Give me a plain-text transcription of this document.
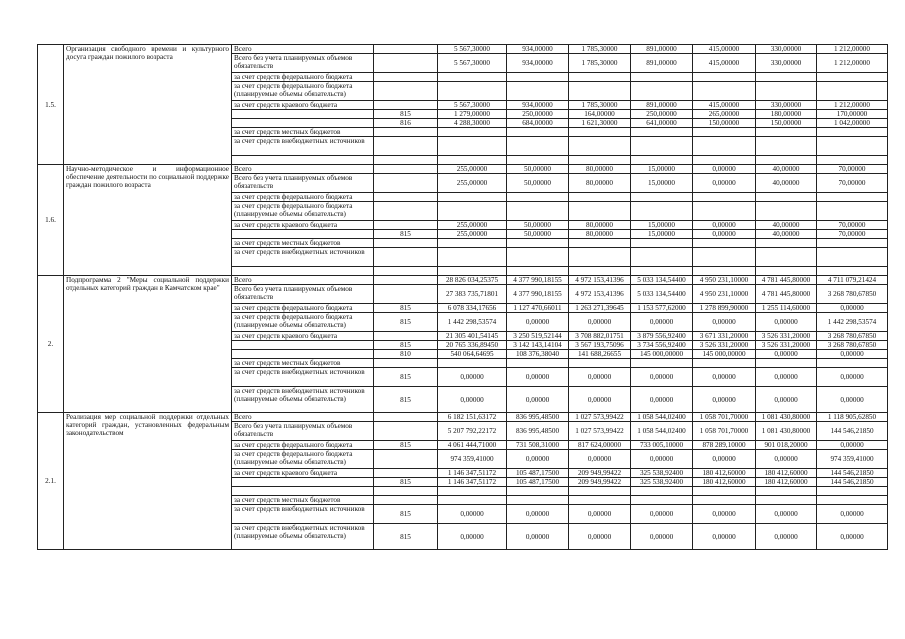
1.5.	Организация свободного времени и культурного досуга граждан пожилого возраста	Всего		5 567,30000	934,00000	1 785,30000	891,00000	415,00000	330,00000	1 212,00000
		Всего без учета планируемых объемов обязательств		5 567,30000	934,00000	1 785,30000	891,00000	415,00000	330,00000	1 212,00000
		за счет средств федерального бюджета								
		за счет средств федерального бюджета (планируемые объемы обязательств)								
		за счет средств краевого бюджета		5 567,30000	934,00000	1 785,30000	891,00000	415,00000	330,00000	1 212,00000
			815	1 279,00000	250,00000	164,00000	250,00000	265,00000	180,00000	170,00000
			816	4 288,30000	684,00000	1 621,30000	641,00000	150,00000	150,00000	1 042,00000
		за счет средств местных бюджетов								
		за счет средств внебюджетных источников								

1.6.	Научно-методическое и информационное обеспечение деятельности по социальной поддержке граждан пожилого возраста	Всего		255,00000	50,00000	80,00000	15,00000	0,00000	40,00000	70,00000
		Всего без учета планируемых объемов обязательств		255,00000	50,00000	80,00000	15,00000	0,00000	40,00000	70,00000
		за счет средств федерального бюджета								
		за счет средств федерального бюджета (планируемые объемы обязательств)								
		за счет средств краевого бюджета		255,00000	50,00000	80,00000	15,00000	0,00000	40,00000	70,00000
			815	255,00000	50,00000	80,00000	15,00000	0,00000	40,00000	70,00000
		за счет средств местных бюджетов								
		за счет средств внебюджетных источников								

2.	Подпрограмма 2 "Меры социальной поддержки отдельных категорий граждан в Камчатском крае"	Всего		28 826 034,25375	4 377 990,18155	4 972 153,41396	5 033 134,54400	4 950 231,10000	4 781 445,80000	4 711 079,21424
		Всего без учета планируемых объемов обязательств		27 383 735,71801	4 377 990,18155	4 972 153,41396	5 033 134,54400	4 950 231,10000	4 781 445,80000	3 268 780,67850
		за счет средств федерального бюджета	815	6 078 334,17656	1 127 470,66011	1 263 271,39645	1 153 577,62000	1 278 899,90000	1 255 114,60000	0,00000
		за счет средств федерального бюджета (планируемые объемы обязательств)	815	1 442 298,53574	0,00000	0,00000	0,00000	0,00000	0,00000	1 442 298,53574
		за счет средств краевого бюджета		21 305 401,54145	3 250 519,52144	3 708 882,01751	3 879 556,92400	3 671 331,20000	3 526 331,20000	3 268 780,67850
			815	20 765 336,89450	3 142 143,14104	3 567 193,75096	3 734 556,92400	3 526 331,20000	3 526 331,20000	3 268 780,67850
			810	540 064,64695	108 376,38040	141 688,26655	145 000,00000	145 000,00000	0,00000	0,00000
		за счет средств местных бюджетов								
		за счет средств внебюджетных источников	815	0,00000	0,00000	0,00000	0,00000	0,00000	0,00000	0,00000
		за счет средств внебюджетных источников (планируемые объемы обязательств)	815	0,00000	0,00000	0,00000	0,00000	0,00000	0,00000	0,00000
2.1.	Реализация мер социальной поддержки отдельных категорий граждан, установленных федеральным законодательством	Всего		6 182 151,63172	836 995,48500	1 027 573,99422	1 058 544,02400	1 058 701,70000	1 081 430,80000	1 118 905,62850
		Всего без учета планируемых объемов обязательств		5 207 792,22172	836 995,48500	1 027 573,99422	1 058 544,02400	1 058 701,70000	1 081 430,80000	144 546,21850
		за счет средств федерального бюджета	815	4 061 444,71000	731 508,31000	817 624,00000	733 005,10000	878 289,10000	901 018,20000	0,00000
		за счет средств федерального бюджета (планируемые объемы обязательств)		974 359,41000	0,00000	0,00000	0,00000	0,00000	0,00000	974 359,41000
		за счет средств краевого бюджета		1 146 347,51172	105 487,17500	209 949,99422	325 538,92400	180 412,60000	180 412,60000	144 546,21850
			815	1 146 347,51172	105 487,17500	209 949,99422	325 538,92400	180 412,60000	180 412,60000	144 546,21850

		за счет средств местных бюджетов								
		за счет средств внебюджетных источников	815	0,00000	0,00000	0,00000	0,00000	0,00000	0,00000	0,00000
		за счет средств внебюджетных источников (планируемые объемы обязательств)	815	0,00000	0,00000	0,00000	0,00000	0,00000	0,00000	0,00000
